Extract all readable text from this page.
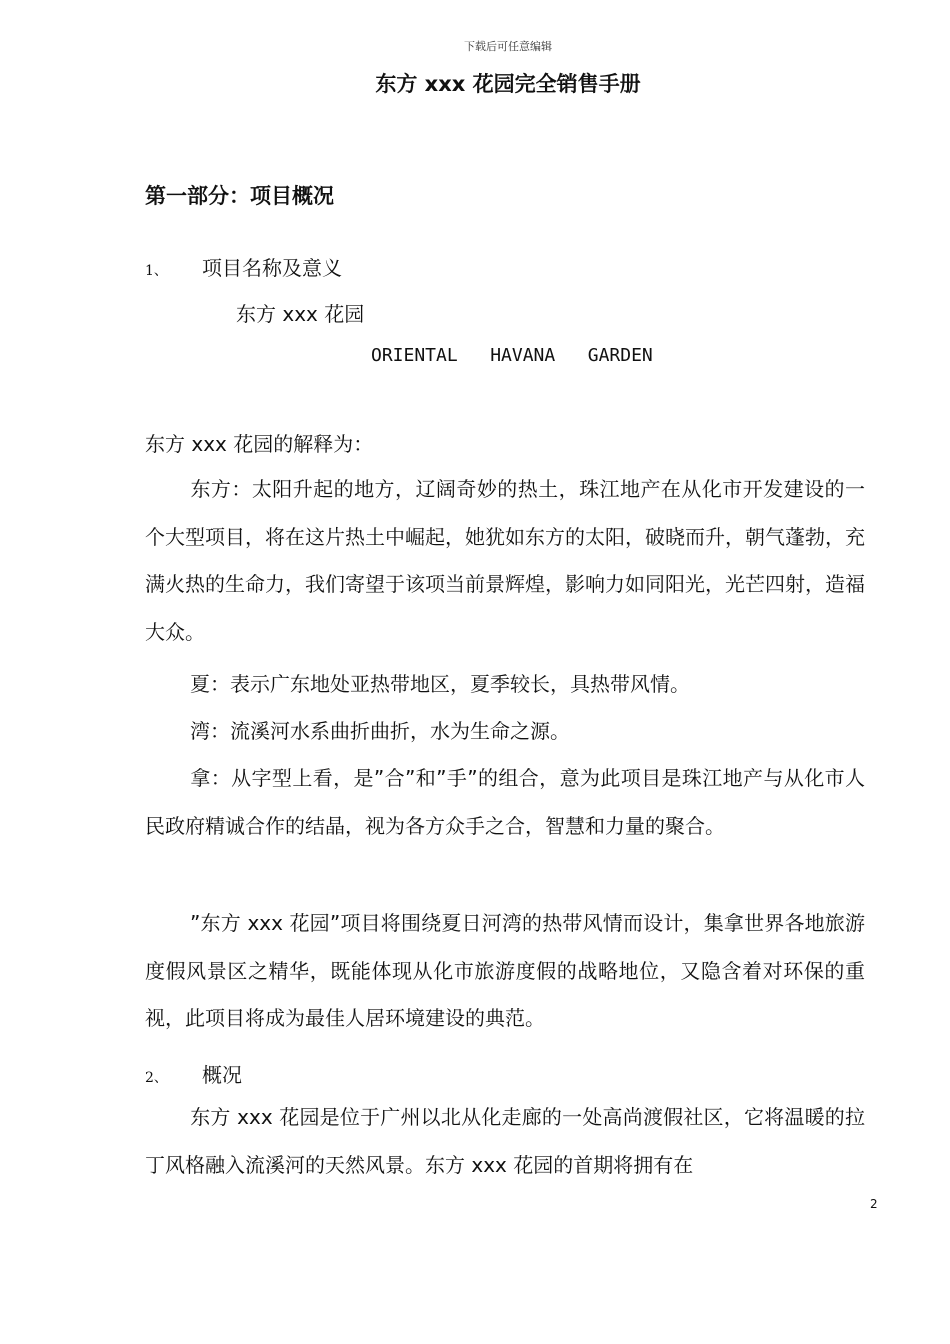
下载后可任意编辑
东方 xxx 花园完全销售手册
第一部分：项目概况
1、 项目名称及意义
东方 xxx 花园
ORIENTAL   HAVANA   GARDEN
东方 xxx 花园的解释为：

东方：太阳升起的地方，辽阔奇妙的热土，珠江地产在从化市开发建设的一个大型项目，将在这片热土中崛起，她犹如东方的太阳，破晓而升，朝气蓬勃，充满火热的生命力，我们寄望于该项当前景辉煌，影响力如同阳光，光芒四射，造福大众。

夏：表示广东地处亚热带地区，夏季较长，具热带风情。

湾：流溪河水系曲折曲折，水为生命之源。

拿：从字型上看，是”合”和”手”的组合，意为此项目是珠江地产与从化市人民政府精诚合作的结晶，视为各方众手之合，智慧和力量的聚合。

”东方 xxx 花园”项目将围绕夏日河湾的热带风情而设计，集拿世界各地旅游度假风景区之精华，既能体现从化市旅游度假的战略地位，又隐含着对环保的重视，此项目将成为最佳人居环境建设的典范。

2、 概况

东方 xxx 花园是位于广州以北从化走廊的一处高尚渡假社区，它将温暖的拉丁风格融入流溪河的天然风景。东方 xxx 花园的首期将拥有在

2
